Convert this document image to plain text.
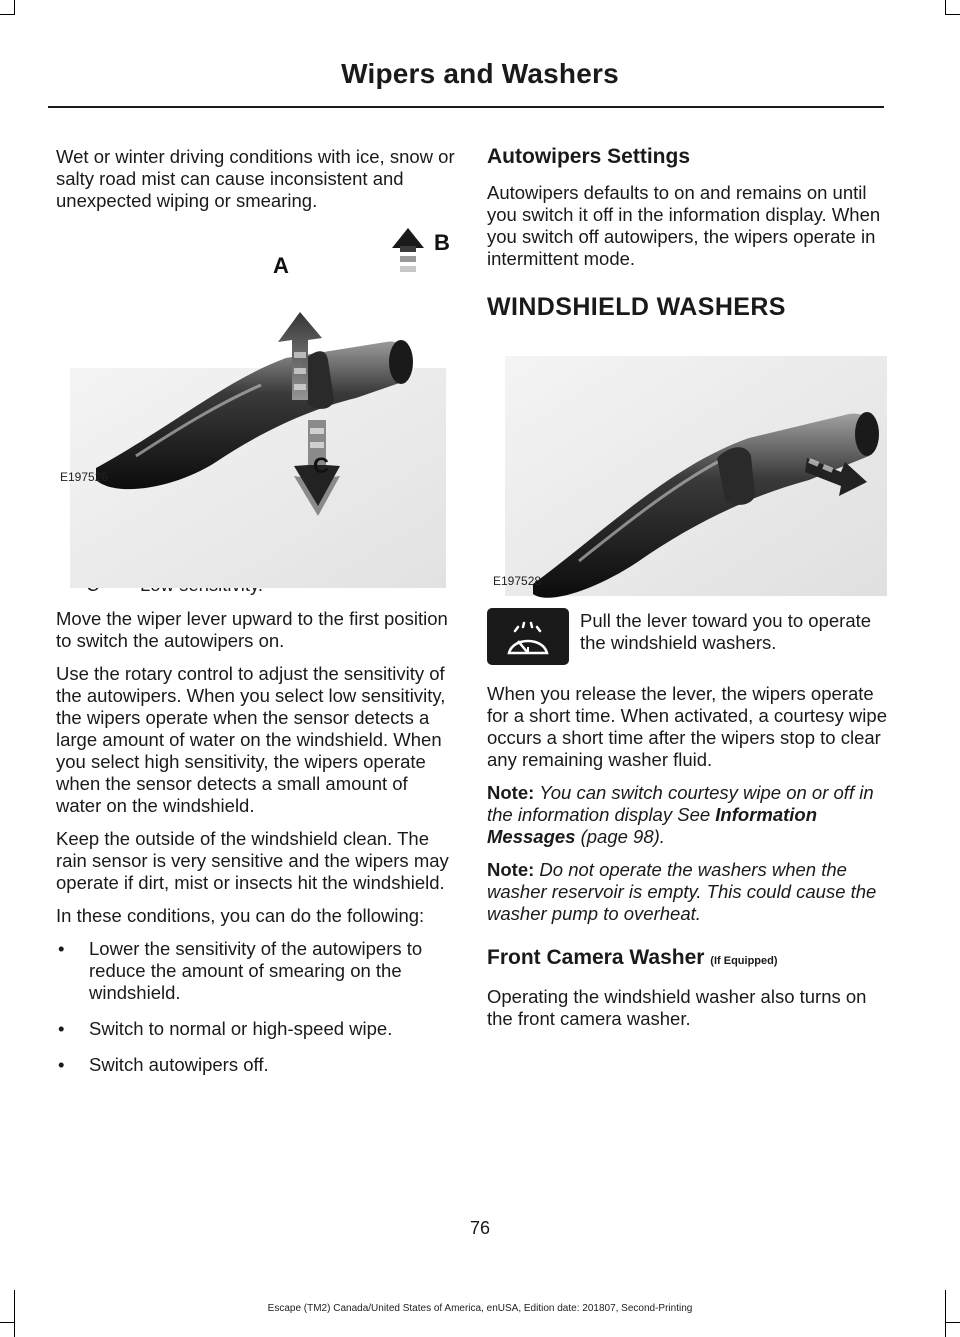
Wipers and Washers

Wet or winter driving conditions with ice, snow or salty road mist can cause inconsistent and unexpected wiping or smearing.

B
A
C
E197526

Move the wiper lever upward to the first position to switch the autowipers on.

Use the rotary control to adjust the sensitivity of the autowipers. When you select low sensitivity, the wipers operate when the sensor detects a large amount of water on the windshield. When you select high sensitivity, the wipers operate when the sensor detects a small amount of water on the windshield.

Keep the outside of the windshield clean. The rain sensor is very sensitive and the wipers may operate if dirt, mist or insects hit the windshield.

In these conditions, you can do the following:

• Lower the sensitivity of the autowipers to reduce the amount of smearing on the windshield.
• Switch to normal or high-speed wipe.
• Switch autowipers off.
Autowipers Settings

Autowipers defaults to on and remains on until you switch it off in the information display. When you switch off autowipers, the wipers operate in intermittent mode.

WINDSHIELD WASHERS
E197528
Pull the lever toward you to operate the windshield washers.

When you release the lever, the wipers operate for a short time. When activated, a courtesy wipe occurs a short time after the wipers stop to clear any remaining washer fluid.

Note: You can switch courtesy wipe on or off in the information display See Information Messages (page 98).

Note: Do not operate the washers when the washer reservoir is empty. This could cause the washer pump to overheat.

Front Camera Washer (If Equipped)

Operating the windshield washer also turns on the front camera washer.

76
Escape (TM2) Canada/United States of America, enUSA, Edition date: 201807, Second-Printing
